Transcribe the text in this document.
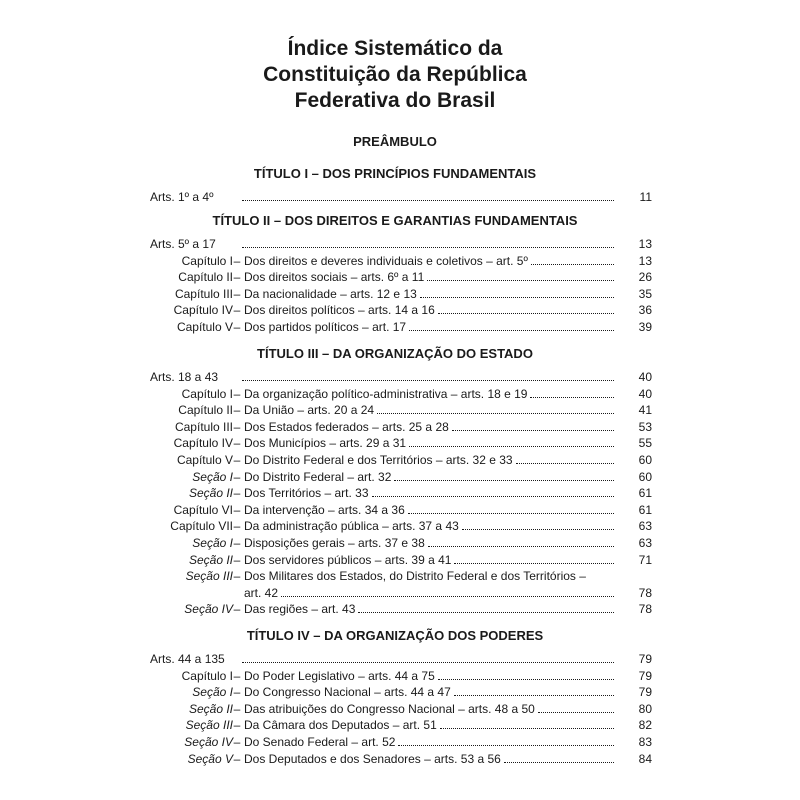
Índice Sistemático da
Constituição da República
Federativa do Brasil
PREÂMBULO
TÍTULO I – DOS PRINCÍPIOS FUNDAMENTAIS
Arts. 1º a 4º	11
TÍTULO II – DOS DIREITOS E GARANTIAS FUNDAMENTAIS
Arts. 5º a 17	13
Capítulo I – Dos direitos e deveres individuais e coletivos – art. 5º	13
Capítulo II – Dos direitos sociais – arts. 6º a 11	26
Capítulo III – Da nacionalidade – arts. 12 e 13	35
Capítulo IV – Dos direitos políticos – arts. 14 a 16	36
Capítulo V – Dos partidos políticos – art. 17	39
TÍTULO III – DA ORGANIZAÇÃO DO ESTADO
Arts. 18 a 43	40
Capítulo I – Da organização político-administrativa – arts. 18 e 19	40
Capítulo II – Da União – arts. 20 a 24	41
Capítulo III – Dos Estados federados – arts. 25 a 28	53
Capítulo IV – Dos Municípios – arts. 29 a 31	55
Capítulo V – Do Distrito Federal e dos Territórios – arts. 32 e 33	60
Seção I – Do Distrito Federal – art. 32	60
Seção II – Dos Territórios – art. 33	61
Capítulo VI – Da intervenção – arts. 34 a 36	61
Capítulo VII – Da administração pública – arts. 37 a 43	63
Seção I – Disposições gerais – arts. 37 e 38	63
Seção II – Dos servidores públicos – arts. 39 a 41	71
Seção III – Dos Militares dos Estados, do Distrito Federal e dos Territórios –
art. 42	78
Seção IV – Das regiões – art. 43	78
TÍTULO IV – DA ORGANIZAÇÃO DOS PODERES
Arts. 44 a 135	79
Capítulo I – Do Poder Legislativo – arts. 44 a 75	79
Seção I – Do Congresso Nacional – arts. 44 a 47	79
Seção II – Das atribuições do Congresso Nacional – arts. 48 a 50	80
Seção III – Da Câmara dos Deputados – art. 51	82
Seção IV – Do Senado Federal – art. 52	83
Seção V – Dos Deputados e dos Senadores – arts. 53 a 56	84
